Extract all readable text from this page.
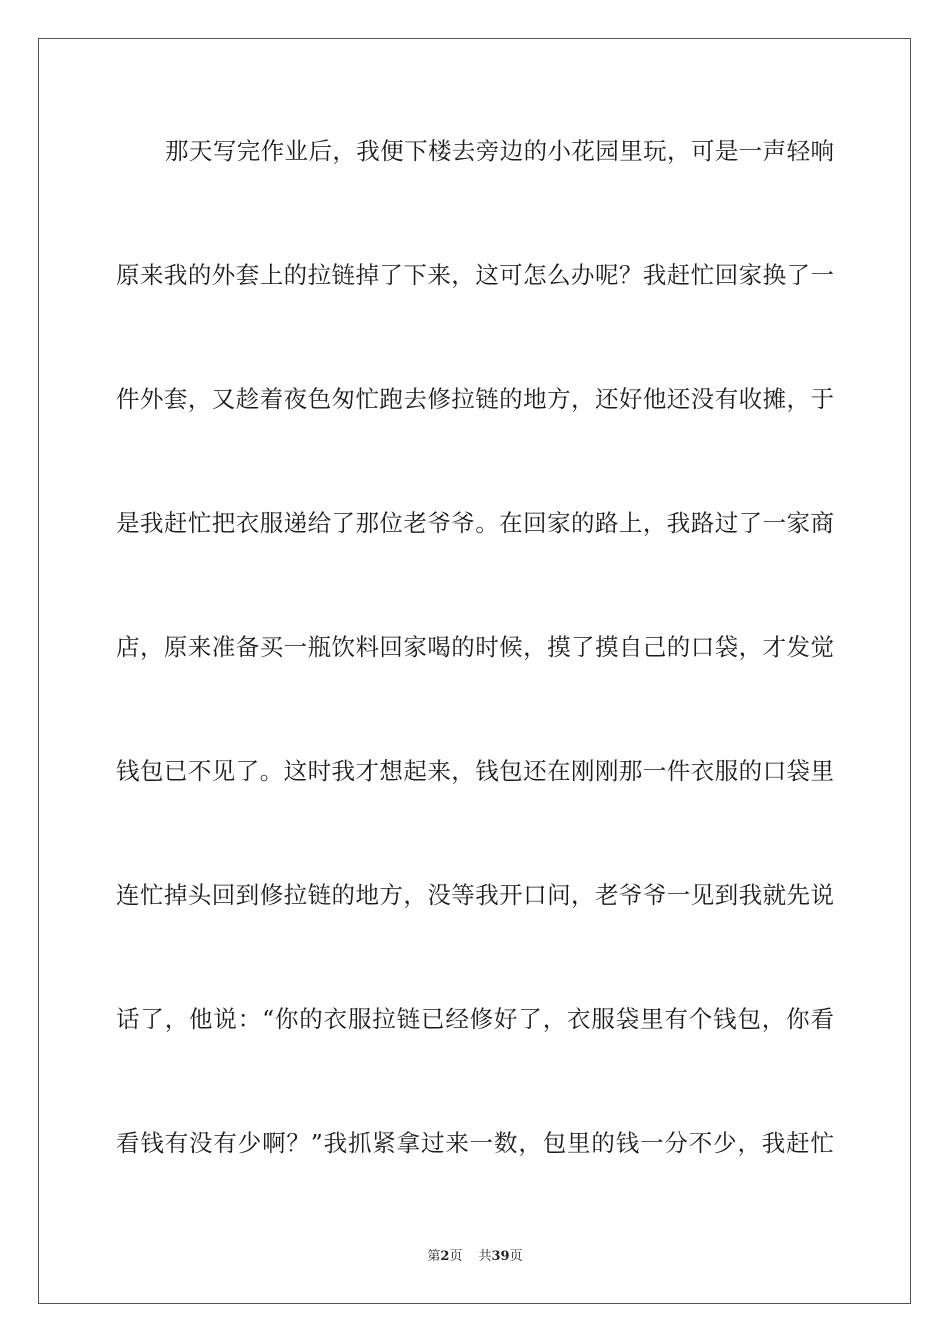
那天写完作业后，我便下楼去旁边的小花园里玩，可是一声轻响
原来我的外套上的拉链掉了下来，这可怎么办呢？我赶忙回家换了一
件外套，又趁着夜色匆忙跑去修拉链的地方，还好他还没有收摊，于
是我赶忙把衣服递给了那位老爷爷。在回家的路上，我路过了一家商
店，原来准备买一瓶饮料回家喝的时候，摸了摸自己的口袋，才发觉
钱包已不见了。这时我才想起来，钱包还在刚刚那一件衣服的口袋里
连忙掉头回到修拉链的地方，没等我开口问，老爷爷一见到我就先说
话了，他说：“你的衣服拉链已经修好了，衣服袋里有个钱包，你看
看钱有没有少啊？”我抓紧拿过来一数，包里的钱一分不少，我赶忙
第2页 共39页
